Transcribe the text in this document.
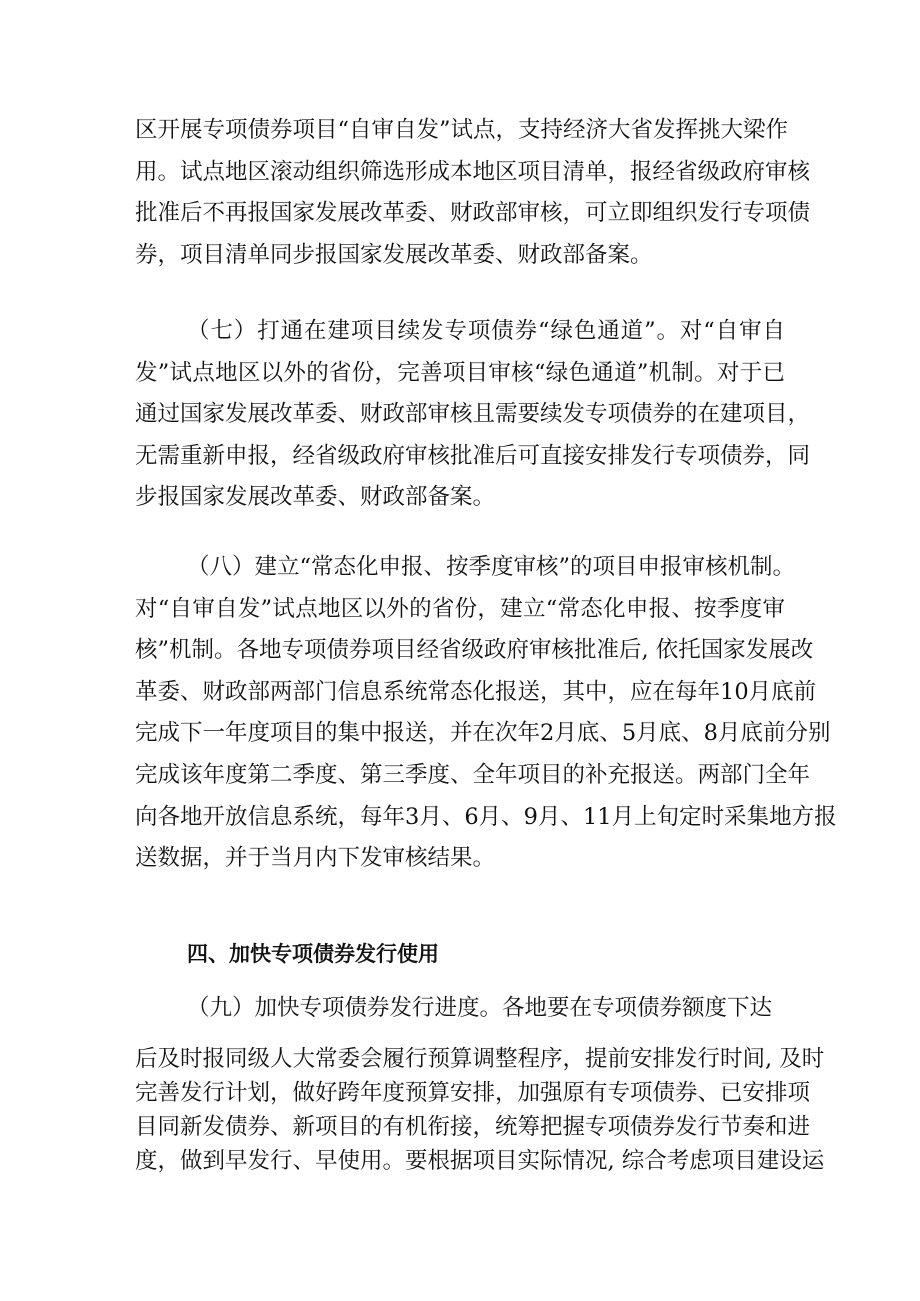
区开展专项债券项目“自审自发”试点，支持经济大省发挥挑大梁作
用。试点地区滚动组织筛选形成本地区项目清单，报经省级政府审核
批准后不再报国家发展改革委、财政部审核，可立即组织发行专项债
券，项目清单同步报国家发展改革委、财政部备案。
（七）打通在建项目续发专项债券“绿色通道”。对“自审自
发”试点地区以外的省份，完善项目审核“绿色通道”机制。对于已
通过国家发展改革委、财政部审核且需要续发专项债券的在建项目，
无需重新申报，经省级政府审核批准后可直接安排发行专项债券，同
步报国家发展改革委、财政部备案。
（八）建立“常态化申报、按季度审核”的项目申报审核机制。
对“自审自发”试点地区以外的省份，建立“常态化申报、按季度审
核”机制。各地专项债券项目经省级政府审核批准后, 依托国家发展改
革委、财政部两部门信息系统常态化报送，其中，应在每年10月底前
完成下一年度项目的集中报送，并在次年2月底、5月底、8月底前分别
完成该年度第二季度、第三季度、全年项目的补充报送。两部门全年
向各地开放信息系统，每年3月、6月、9月、11月上旬定时采集地方报
送数据，并于当月内下发审核结果。
四、加快专项债券发行使用
（九）加快专项债券发行进度。各地要在专项债券额度下达
后及时报同级人大常委会履行预算调整程序，提前安排发行时间, 及时
完善发行计划，做好跨年度预算安排，加强原有专项债券、已安排项
目同新发债券、新项目的有机衔接，统筹把握专项债券发行节奏和进
度，做到早发行、早使用。要根据项目实际情况, 综合考虑项目建设运
